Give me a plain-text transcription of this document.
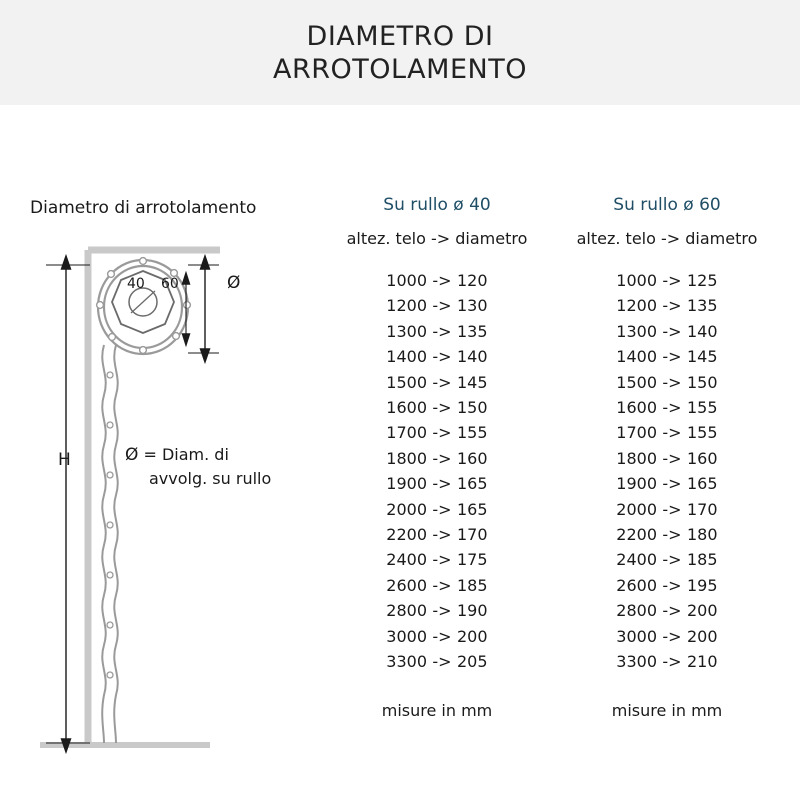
DIAMETRO DI
ARROTOLAMENTO
Diametro di arrotolamento
H
Ø
40 60
Ø = Diam. di
avvolg. su rullo
Su rullo ø 40
altez. telo -> diametro
1000 -> 120
1200 -> 130
1300 -> 135
1400 -> 140
1500 -> 145
1600 -> 150
1700 -> 155
1800 -> 160
1900 -> 165
2000 -> 165
2200 -> 170
2400 -> 175
2600 -> 185
2800 -> 190
3000 -> 200
3300 -> 205
misure in mm
Su rullo ø 60
altez. telo -> diametro
1000 -> 125
1200 -> 135
1300 -> 140
1400 -> 145
1500 -> 150
1600 -> 155
1700 -> 155
1800 -> 160
1900 -> 165
2000 -> 170
2200 -> 180
2400 -> 185
2600 -> 195
2800 -> 200
3000 -> 200
3300 -> 210
misure in mm
